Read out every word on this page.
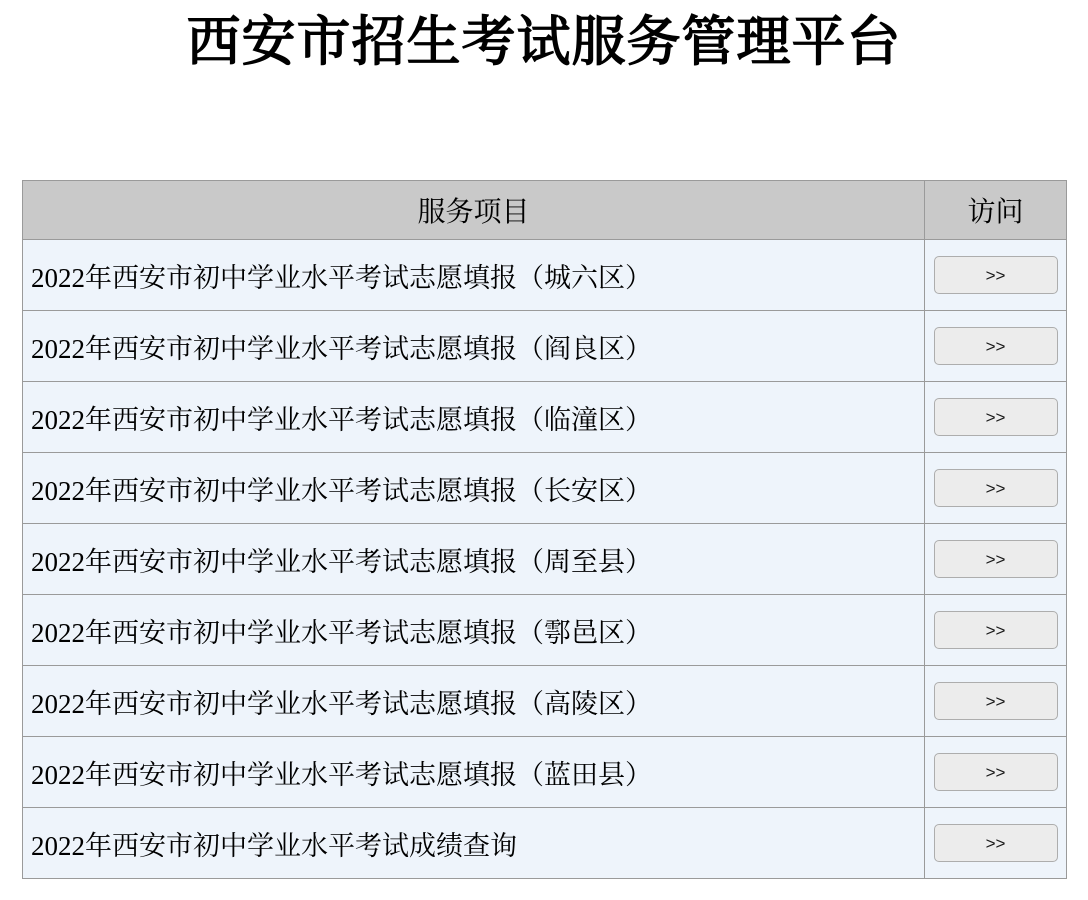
西安市招生考试服务管理平台
服务项目	访问
2022年西安市初中学业水平考试志愿填报（城六区）	>>
2022年西安市初中学业水平考试志愿填报（阎良区）	>>
2022年西安市初中学业水平考试志愿填报（临潼区）	>>
2022年西安市初中学业水平考试志愿填报（长安区）	>>
2022年西安市初中学业水平考试志愿填报（周至县）	>>
2022年西安市初中学业水平考试志愿填报（鄠邑区）	>>
2022年西安市初中学业水平考试志愿填报（高陵区）	>>
2022年西安市初中学业水平考试志愿填报（蓝田县）	>>
2022年西安市初中学业水平考试成绩查询	>>
